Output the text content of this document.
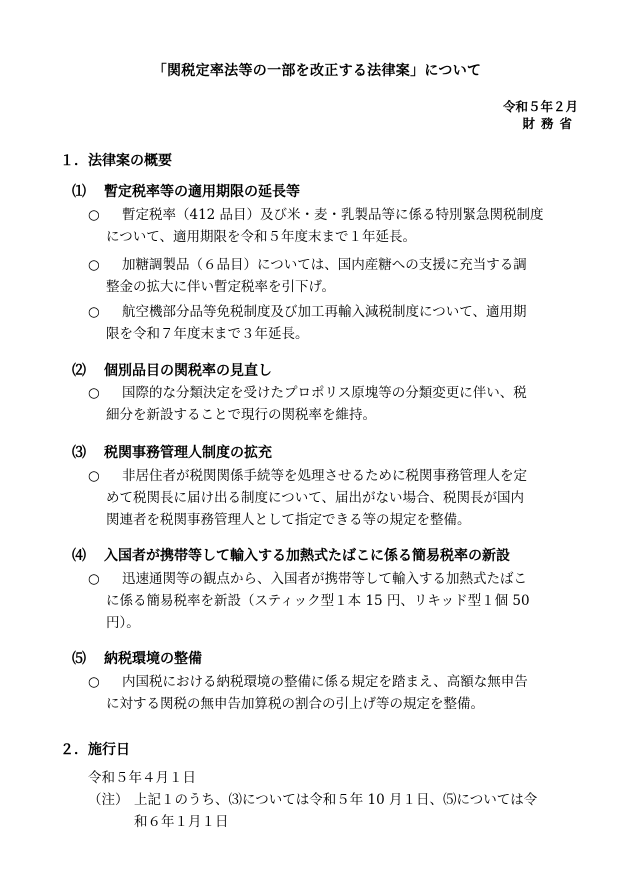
「関税定率法等の一部を改正する法律案」について
令和５年２月
財務省
１．法律案の概要
⑴ 暫定税率等の適用期限の延長等
○ 暫定税率（412 品目）及び米・麦・乳製品等に係る特別緊急関税制度
について、適用期限を令和５年度末まで１年延長。
○ 加糖調製品（６品目）については、国内産糖への支援に充当する調
整金の拡大に伴い暫定税率を引下げ。
○ 航空機部分品等免税制度及び加工再輸入減税制度について、適用期
限を令和７年度末まで３年延長。
⑵ 個別品目の関税率の見直し
○ 国際的な分類決定を受けたプロポリス原塊等の分類変更に伴い、税
細分を新設することで現行の関税率を維持。
⑶ 税関事務管理人制度の拡充
○ 非居住者が税関関係手続等を処理させるために税関事務管理人を定
めて税関長に届け出る制度について、届出がない場合、税関長が国内
関連者を税関事務管理人として指定できる等の規定を整備。
⑷ 入国者が携帯等して輸入する加熱式たばこに係る簡易税率の新設
○ 迅速通関等の観点から、入国者が携帯等して輸入する加熱式たばこ
に係る簡易税率を新設（スティック型１本 15 円、リキッド型１個 50
円）。
⑸ 納税環境の整備
○ 内国税における納税環境の整備に係る規定を踏まえ、高額な無申告
に対する関税の無申告加算税の割合の引上げ等の規定を整備。
２．施行日
令和５年４月１日
（注） 上記１のうち、⑶については令和５年 10 月１日、⑸については令
和６年１月１日
